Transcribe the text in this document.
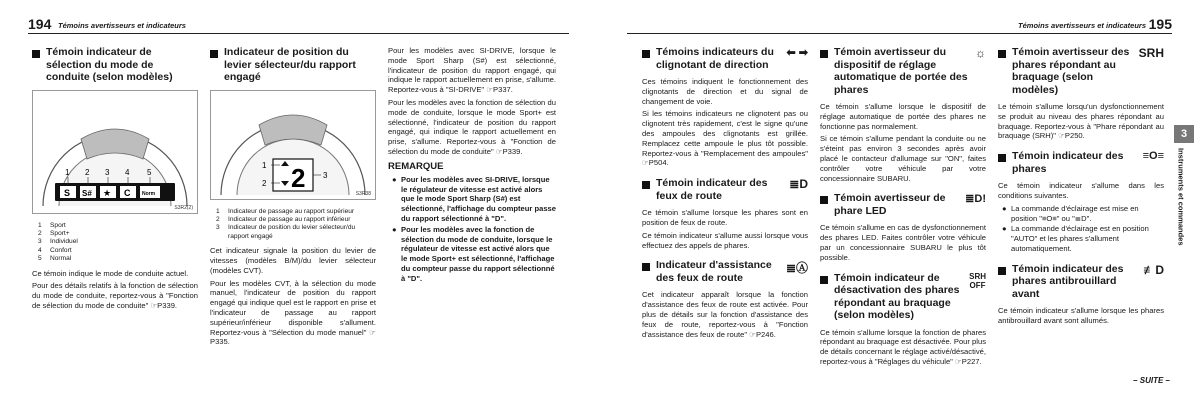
194 Témoins avertisseurs et indicateurs
Témoin indicateur de sélection du mode de conduite (selon modèles)
1 2 3 4 5
S S# ★ C Norm
S3R2(2)
1	Sport
2	Sport+
3	Individuel
4	Confort
5	Normal
Ce témoin indique le mode de conduite actuel.
Pour des détails relatifs à la fonction de sélection du mode de conduite, reportez-vous à "Fonction de sélection du mode de conduite" ☞P339.
Indicateur de position du levier sélecteur/du rapport engagé
2
1
2
3
S3R38
1	Indicateur de passage au rapport supérieur
2	Indicateur de passage au rapport inférieur
3	Indicateur de position du levier sélecteur/du rapport engagé
Cet indicateur signale la position du levier de vitesses (modèles B/M)/du levier sélecteur (modèles CVT).
Pour les modèles CVT, à la sélection du mode manuel, l'indicateur de position du rapport engagé qui indique quel est le rapport en prise et l'indicateur de passage au rapport supérieur/inférieur disponible s'allument. Reportez-vous à "Sélection du mode manuel" ☞P335.
Pour les modèles avec SI-DRIVE, lorsque le mode Sport Sharp (S#) est sélectionné, l'indicateur de position du rapport engagé, qui indique le rapport actuellement en prise, s'allume. Reportez-vous à "SI-DRIVE" ☞P337.
Pour les modèles avec la fonction de sélection du mode de conduite, lorsque le mode Sport+ est sélectionné, l'indicateur de position du rapport engagé, qui indique le rapport actuellement en prise, s'allume. Reportez-vous à "Fonction de sélection du mode de conduite" ☞P339.
REMARQUE
● Pour les modèles avec SI-DRIVE, lorsque le régulateur de vitesse est activé alors que le mode Sport Sharp (S#) est sélectionné, l'affichage du compteur passe du rapport sélectionné à "D".
● Pour les modèles avec la fonction de sélection du mode de conduite, lorsque le régulateur de vitesse est activé alors que le mode Sport+ est sélectionné, l'affichage du compteur passe du rapport sélectionné à "D".
Témoins avertisseurs et indicateurs 195
Témoins indicateurs du clignotant de direction
⬅ ➡
Ces témoins indiquent le fonctionnement des clignotants de direction et du signal de changement de voie.
Si les témoins indicateurs ne clignotent pas ou clignotent très rapidement, c'est le signe qu'une des ampoules des clignotants est grillée. Remplacez cette ampoule le plus tôt possible. Reportez-vous à "Remplacement des ampoules" ☞P504.
Témoin indicateur des feux de route
≣D
Ce témoin s'allume lorsque les phares sont en position de feux de route.
Ce témoin indicateur s'allume aussi lorsque vous effectuez des appels de phares.
Indicateur d'assistance des feux de route
≣Ⓐ
Cet indicateur apparaît lorsque la fonction d'assistance des feux de route est activée. Pour plus de détails sur la fonction d'assistance des feux de route, reportez-vous à "Fonction d'assistance des feux de route" ☞P246.
Témoin avertisseur du dispositif de réglage automatique de portée des phares
☼
Ce témoin s'allume lorsque le dispositif de réglage automatique de portée des phares ne fonctionne pas normalement.
Si ce témoin s'allume pendant la conduite ou ne s'éteint pas environ 3 secondes après avoir placé le contacteur d'allumage sur "ON", faites contrôler votre véhicule par votre concessionnaire SUBARU.
Témoin avertisseur de phare LED
≣D!
Ce témoin s'allume en cas de dysfonctionnement des phares LED. Faites contrôler votre véhicule par un concessionnaire SUBARU le plus tôt possible.
Témoin indicateur de désactivation des phares répondant au braquage (selon modèles)
SRH
OFF
Ce témoin s'allume lorsque la fonction de phares répondant au braquage est désactivée. Pour plus de détails concernant le réglage activé/désactivé, reportez-vous à "Réglages du véhicule" ☞P227.
Témoin avertisseur des phares répondant au braquage (selon modèles)
SRH
Le témoin s'allume lorsqu'un dysfonctionnement se produit au niveau des phares répondant au braquage. Reportez-vous à "Phare répondant au braquage (SRH)" ☞P250.
Témoin indicateur des phares
≡O≡
Ce témoin indicateur s'allume dans les conditions suivantes.
● La commande d'éclairage est mise en position "≡O≡" ou "≣D".
● La commande d'éclairage est en position "AUTO" et les phares s'allument automatiquement.
Témoin indicateur des phares antibrouillard avant
≢D
Ce témoin indicateur s'allume lorsque les phares antibrouillard avant sont allumés.
3
Instruments et commandes
– SUITE –
